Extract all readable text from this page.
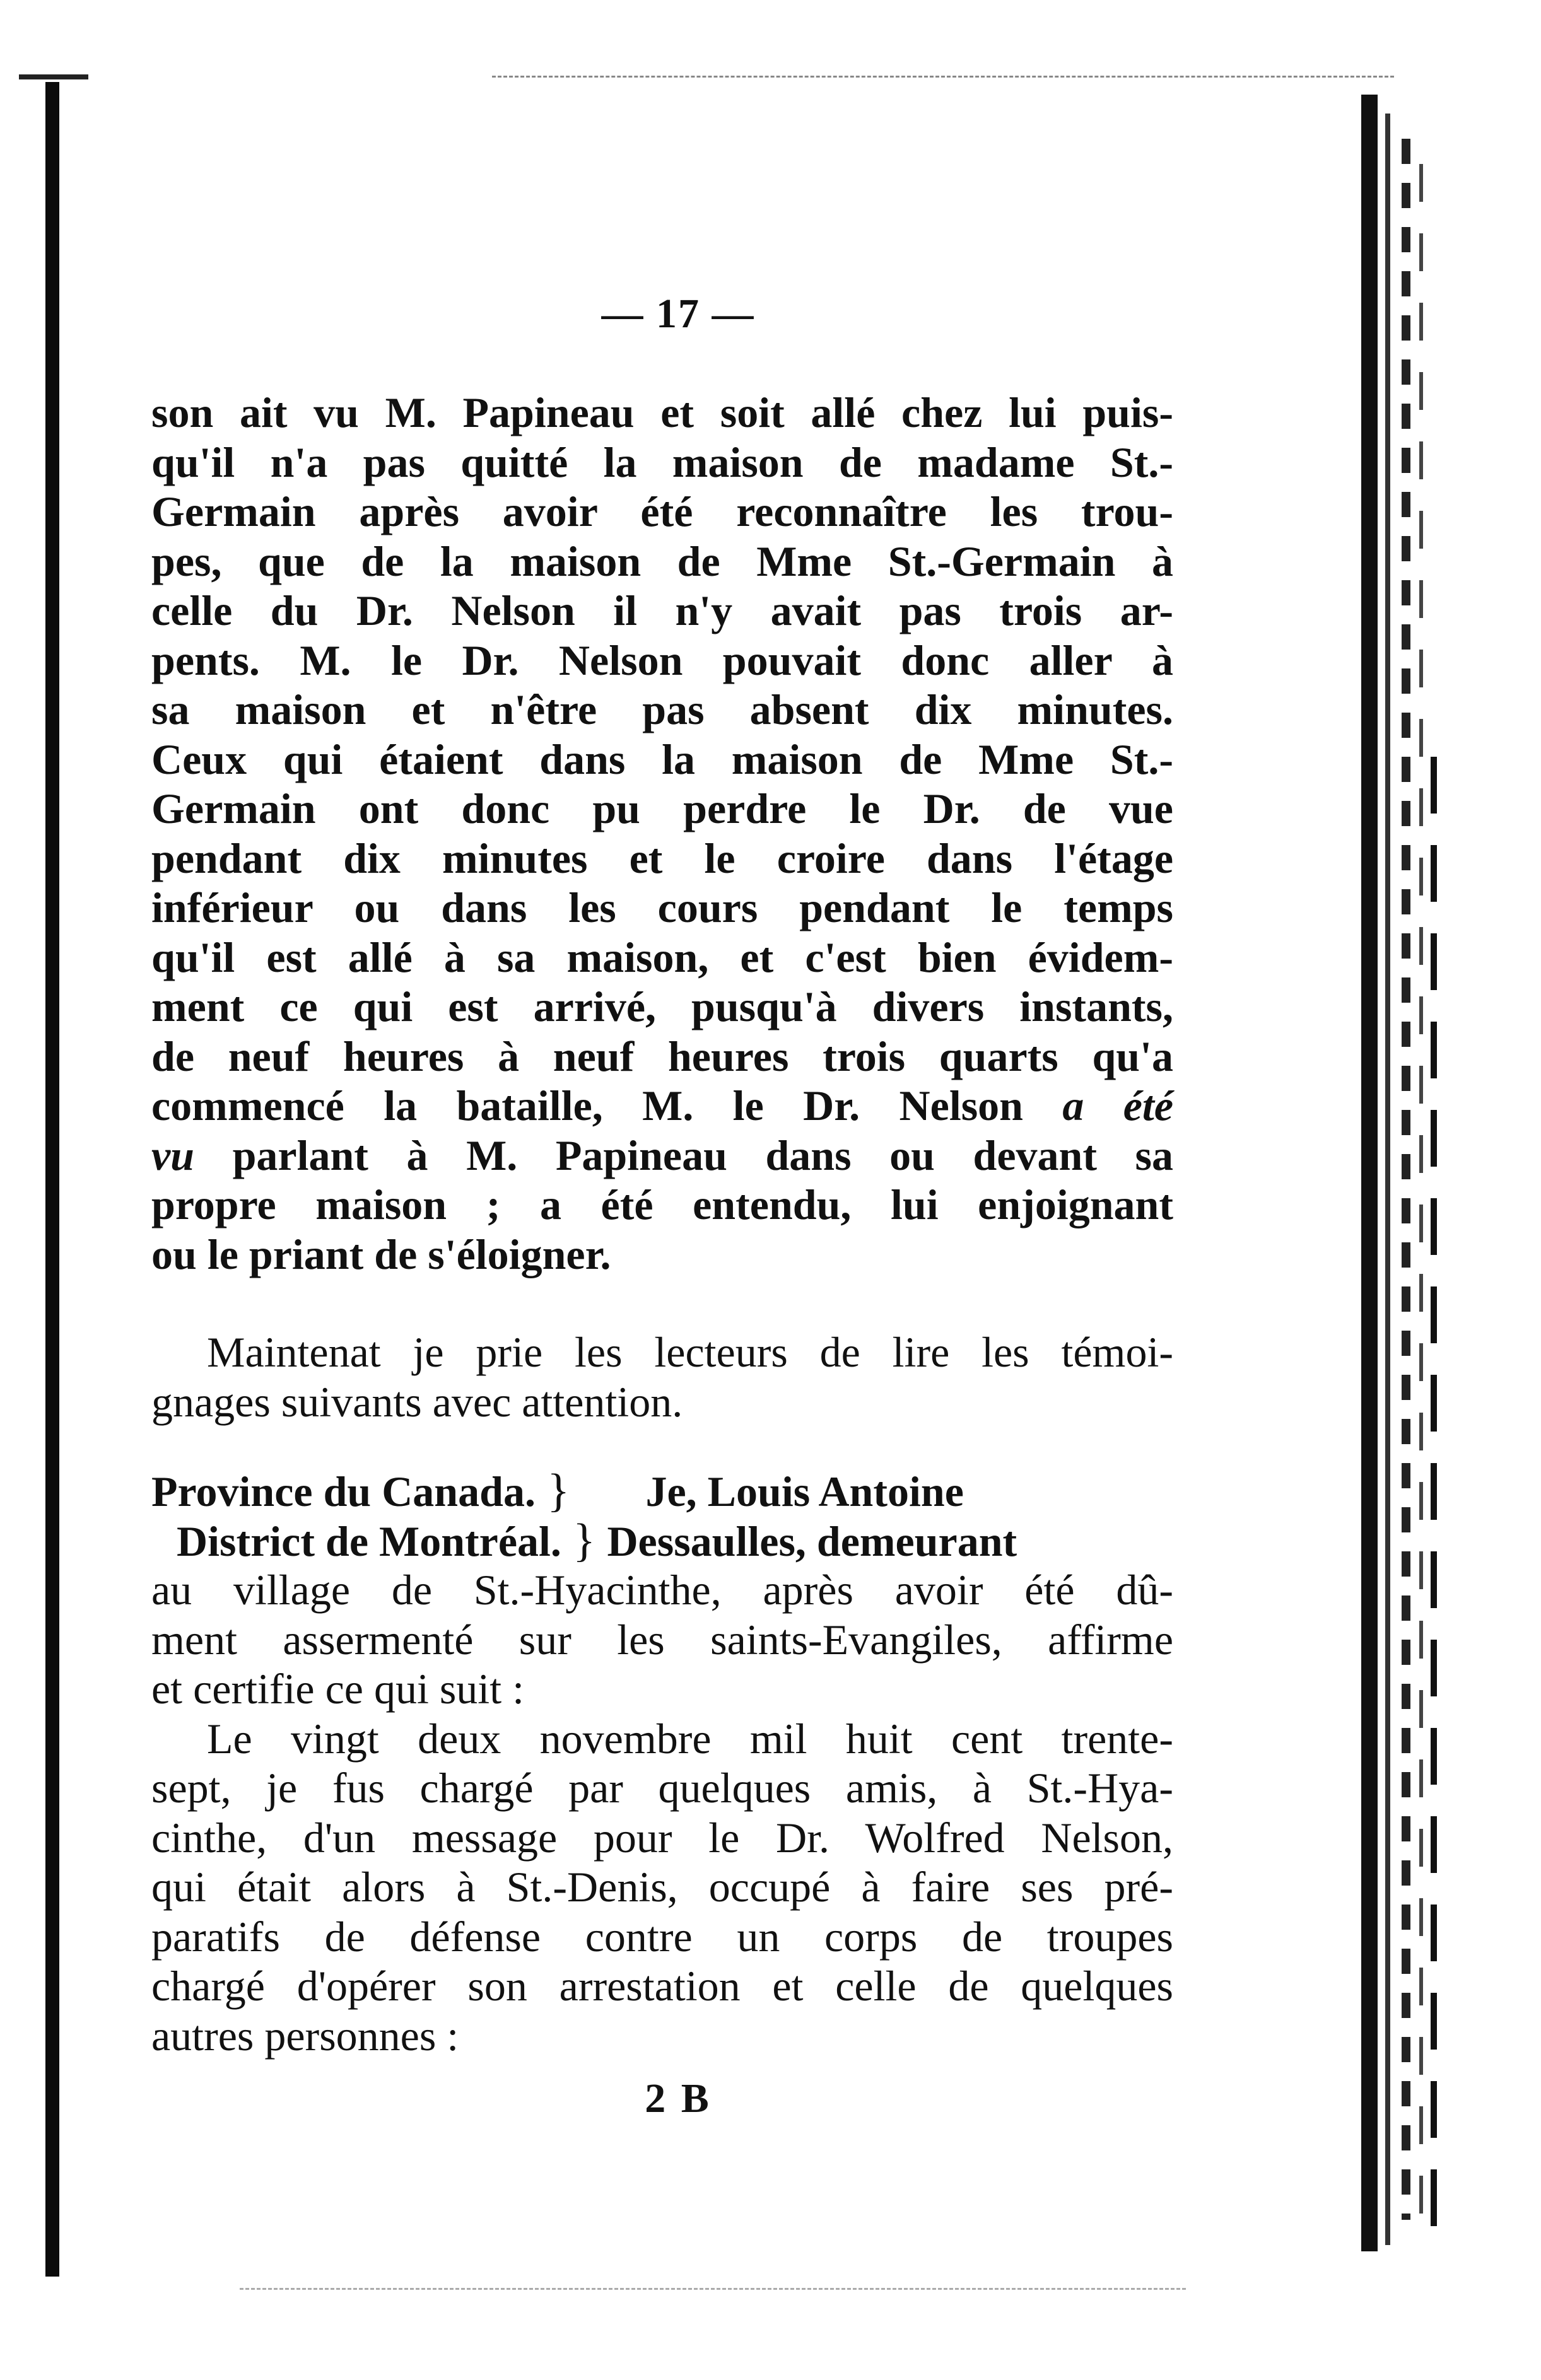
— 17 —
son ait vu M. Papineau et soit allé chez lui puis-
qu'il n'a pas quitté la maison de madame St.-
Germain après avoir été reconnaître les trou-
pes, que de la maison de Mme St.-Germain à
celle du Dr. Nelson il n'y avait pas trois ar-
pents. M. le Dr. Nelson pouvait donc aller à
sa maison et n'être pas absent dix minutes.
Ceux qui étaient dans la maison de Mme St.-
Germain ont donc pu perdre le Dr. de vue
pendant dix minutes et le croire dans l'étage
inférieur ou dans les cours pendant le temps
qu'il est allé à sa maison, et c'est bien évidem-
ment ce qui est arrivé, pusqu'à divers instants,
de neuf heures à neuf heures trois quarts qu'a
commencé la bataille, M. le Dr. Nelson a été
vu parlant à M. Papineau dans ou devant sa
propre maison ; a été entendu, lui enjoignant
ou le priant de s'éloigner.
Maintenat je prie les lecteurs de lire les témoi-
gnages suivants avec attention.
Province du Canada. }       Je, Louis Antoine
District de Montréal. } Dessaulles, demeurant
au village de St.-Hyacinthe, après avoir été dû-
ment assermenté sur les saints-Evangiles, affirme
et certifie ce qui suit :
Le vingt deux novembre mil huit cent trente-
sept, je fus chargé par quelques amis, à St.-Hya-
cinthe, d'un message pour le Dr. Wolfred Nelson,
qui était alors à St.-Denis, occupé à faire ses pré-
paratifs de défense contre un corps de troupes
chargé d'opérer son arrestation et celle de quelques
autres personnes :
2 B
